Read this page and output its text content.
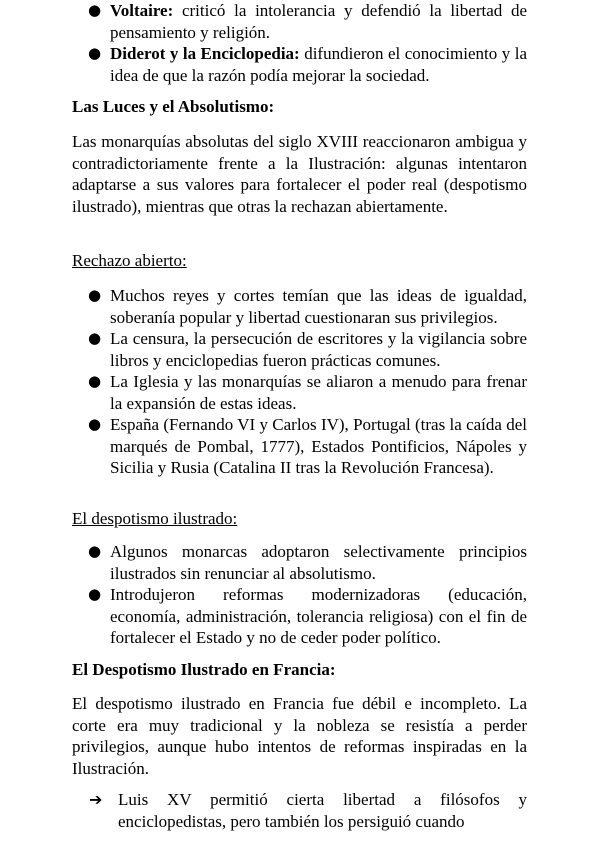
● Voltaire: criticó la intolerancia y defendió la libertad de pensamiento y religión.
● Diderot y la Enciclopedia: difundieron el conocimiento y la idea de que la razón podía mejorar la sociedad.
Las Luces y el Absolutismo:

Las monarquías absolutas del siglo XVIII reaccionaron ambigua y contradictoriamente frente a la Ilustración: algunas intentaron adaptarse a sus valores para fortalecer el poder real (despotismo ilustrado), mientras que otras la rechazan abiertamente.

Rechazo abierto:
● Muchos reyes y cortes temían que las ideas de igualdad, soberanía popular y libertad cuestionaran sus privilegios.
● La censura, la persecución de escritores y la vigilancia sobre libros y enciclopedias fueron prácticas comunes.
● La Iglesia y las monarquías se aliaron a menudo para frenar la expansión de estas ideas.
● España (Fernando VI y Carlos IV), Portugal (tras la caída del marqués de Pombal, 1777), Estados Pontificios, Nápoles y Sicilia y Rusia (Catalina II tras la Revolución Francesa).
El despotismo ilustrado:
● Algunos monarcas adoptaron selectivamente principios ilustrados sin renunciar al absolutismo.
● Introdujeron reformas modernizadoras (educación, economía, administración, tolerancia religiosa) con el fin de fortalecer el Estado y no de ceder poder político.
El Despotismo Ilustrado en Francia:

El despotismo ilustrado en Francia fue débil e incompleto. La corte era muy tradicional y la nobleza se resistía a perder privilegios, aunque hubo intentos de reformas inspiradas en la Ilustración.

➔ Luis XV permitió cierta libertad a filósofos y enciclopedistas, pero también los persiguió cuando
